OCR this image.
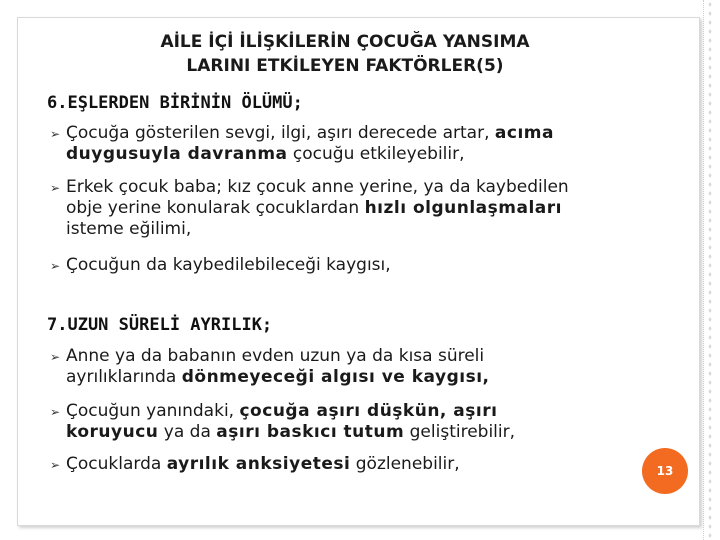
AİLE İÇİ İLİŞKİLERİN ÇOCUĞA YANSIMA
LARINI ETKİLEYEN FAKTÖRLER(5)
6.EŞLERDEN BİRİNİN ÖLÜMÜ;
➢ Çocuğa gösterilen sevgi, ilgi, aşırı derecede artar, acıma
duygusuyla davranma çocuğu etkileyebilir,
➢ Erkek çocuk baba; kız çocuk anne yerine, ya da kaybedilen
obje yerine konularak çocuklardan hızlı olgunlaşmaları
isteme eğilimi,
➢ Çocuğun da kaybedilebileceği kaygısı,
7.UZUN SÜRELİ AYRILIK;
➢ Anne ya da babanın evden uzun ya da kısa süreli
ayrılıklarında dönmeyeceği algısı ve kaygısı,
➢ Çocuğun yanındaki, çocuğa aşırı düşkün, aşırı
koruyucu ya da aşırı baskıcı tutum geliştirebilir,
➢ Çocuklarda ayrılık anksiyetesi gözlenebilir,	13
